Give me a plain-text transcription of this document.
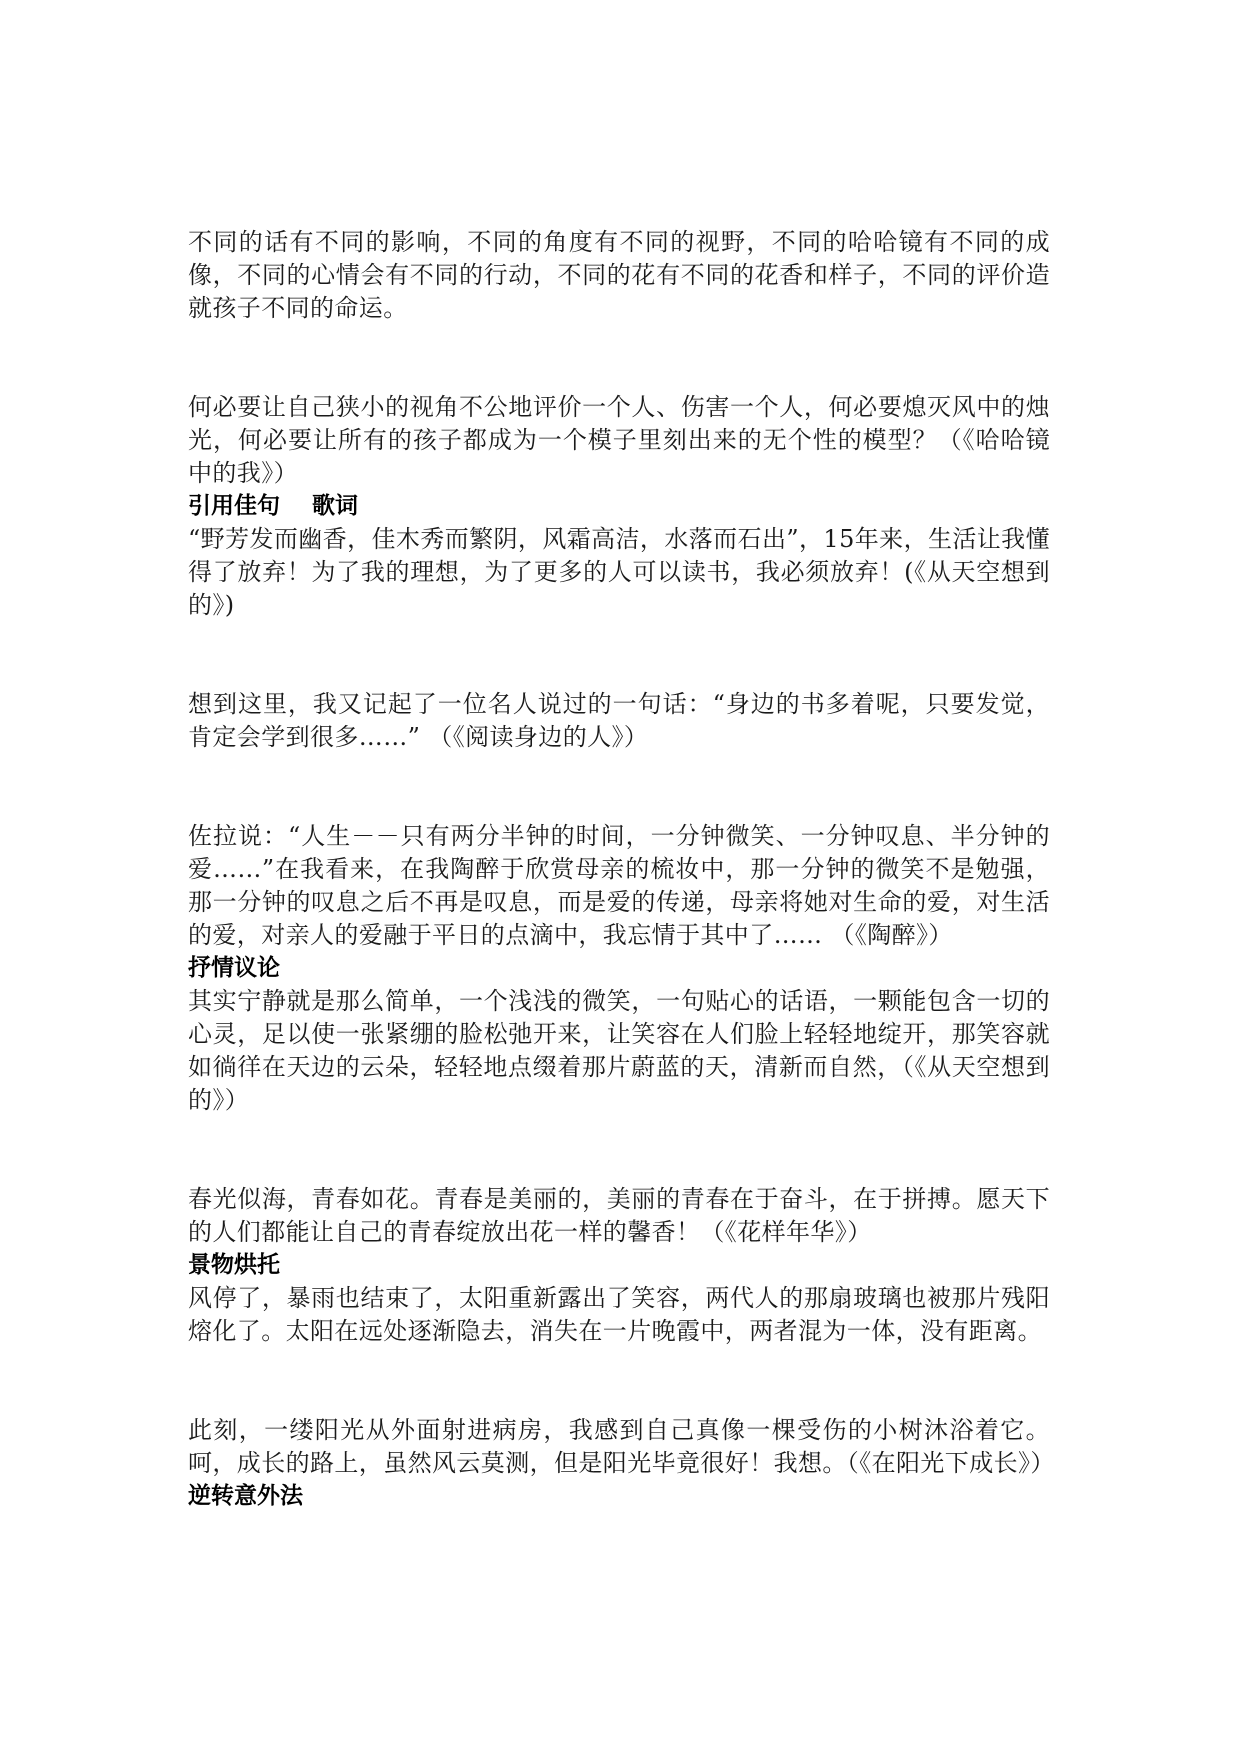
不同的话有不同的影响，不同的角度有不同的视野，不同的哈哈镜有不同的成像，不同的心情会有不同的行动，不同的花有不同的花香和样子，不同的评价造就孩子不同的命运。

何必要让自己狭小的视角不公地评价一个人、伤害一个人，何必要熄灭风中的烛光，何必要让所有的孩子都成为一个模子里刻出来的无个性的模型？（《哈哈镜中的我》）

引用佳句    歌词

“野芳发而幽香，佳木秀而繁阴，风霜高洁，水落而石出”，15年来，生活让我懂得了放弃！为了我的理想，为了更多的人可以读书，我必须放弃！(《从天空想到的》)

想到这里，我又记起了一位名人说过的一句话：“身边的书多着呢，只要发觉，肯定会学到很多……” （《阅读身边的人》）

佐拉说：“人生－－只有两分半钟的时间，一分钟微笑、一分钟叹息、半分钟的爱……”在我看来，在我陶醉于欣赏母亲的梳妆中，那一分钟的微笑不是勉强，那一分钟的叹息之后不再是叹息，而是爱的传递，母亲将她对生命的爱，对生活的爱，对亲人的爱融于平日的点滴中，我忘情于其中了…… （《陶醉》）

抒情议论

其实宁静就是那么简单，一个浅浅的微笑，一句贴心的话语，一颗能包含一切的心灵，足以使一张紧绷的脸松弛开来，让笑容在人们脸上轻轻地绽开，那笑容就如徜徉在天边的云朵，轻轻地点缀着那片蔚蓝的天，清新而自然，（《从天空想到的》）

春光似海，青春如花。青春是美丽的，美丽的青春在于奋斗，在于拼搏。愿天下的人们都能让自己的青春绽放出花一样的馨香！（《花样年华》）

景物烘托

风停了，暴雨也结束了，太阳重新露出了笑容，两代人的那扇玻璃也被那片残阳熔化了。太阳在远处逐渐隐去，消失在一片晚霞中，两者混为一体，没有距离。

此刻，一缕阳光从外面射进病房，我感到自己真像一棵受伤的小树沐浴着它。呵，成长的路上，虽然风云莫测，但是阳光毕竟很好！我想。（《在阳光下成长》）

逆转意外法
